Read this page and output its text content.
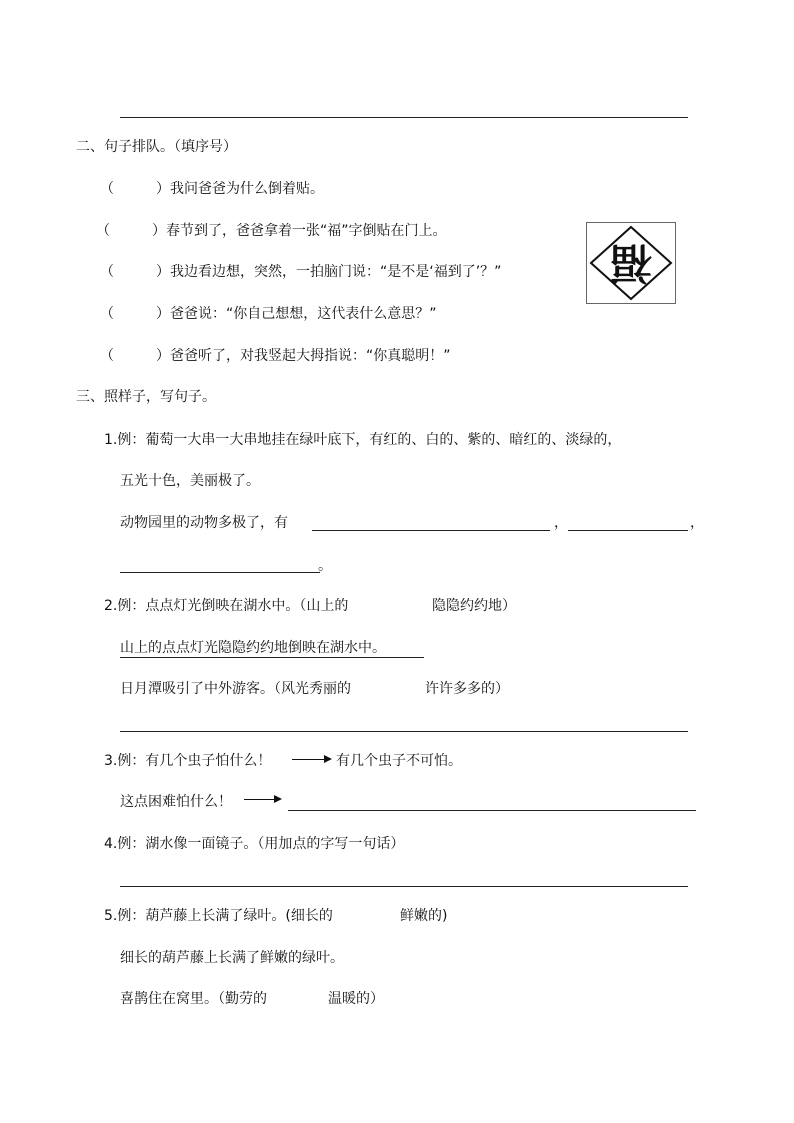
二、句子排队。（填序号）
（	）我问爸爸为什么倒着贴。
（	）春节到了，爸爸拿着一张“福”字倒贴在门上。
（	）我边看边想，突然，一拍脑门说：“是不是‘福到了’？”
（	）爸爸说：“你自己想想，这代表什么意思？”
（	）爸爸听了，对我竖起大拇指说：“你真聪明！”
福
三、照样子，写句子。
1.例：葡萄一大串一大串地挂在绿叶底下，有红的、白的、紫的、暗红的、淡绿的，
五光十色，美丽极了。
动物园里的动物多极了，有	，	，
。
2.例：点点灯光倒映在湖水中。（山上的	隐隐约约地）
山上的点点灯光隐隐约约地倒映在湖水中。
日月潭吸引了中外游客。（风光秀丽的	许许多多的）
3.例：有几个虫子怕什么！	有几个虫子不可怕。
这点困难怕什么！
4.例：湖水像一面镜子。（用加点的字写一句话）
5.例：葫芦藤上长满了绿叶。(细长的	鲜嫩的)
细长的葫芦藤上长满了鲜嫩的绿叶。
喜鹊住在窝里。（勤劳的	温暖的）
